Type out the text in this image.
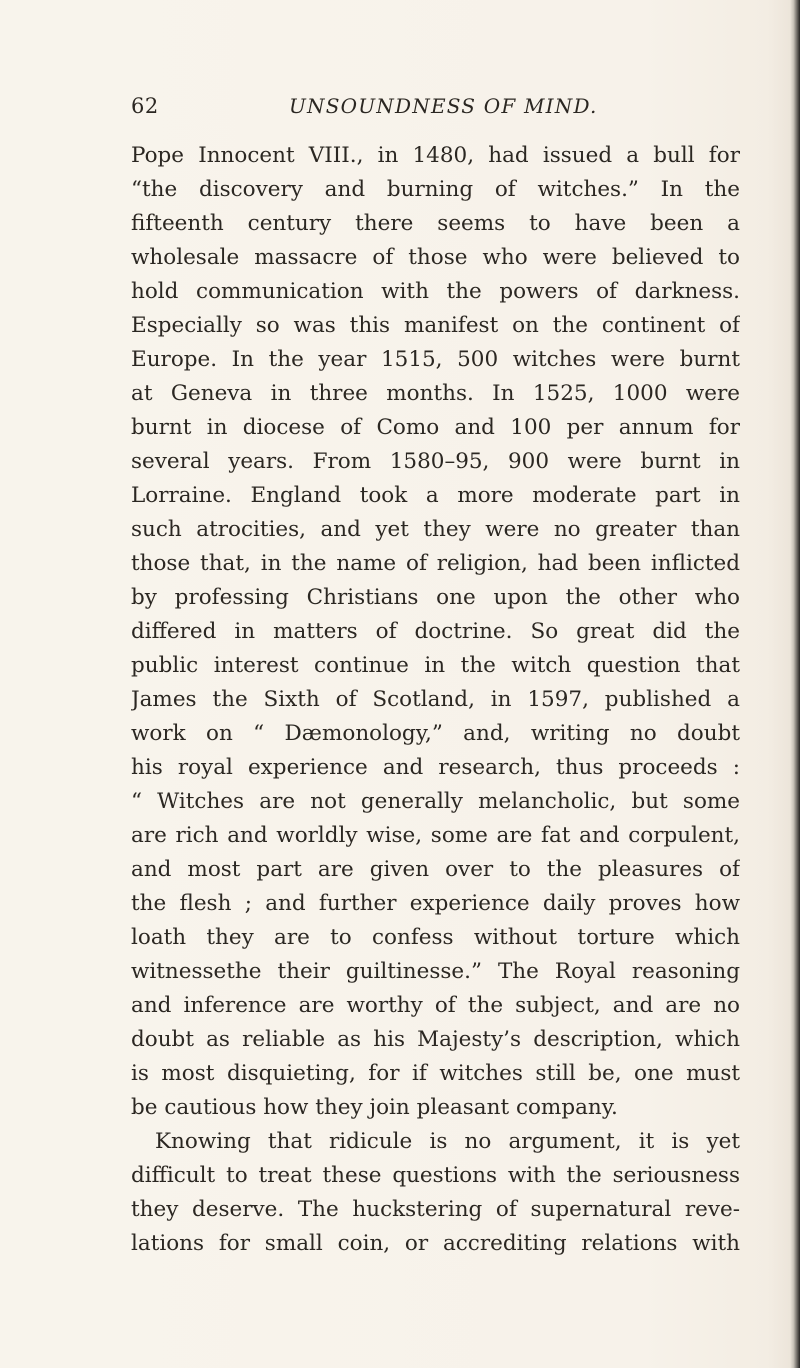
62	UNSOUNDNESS OF MIND.
Pope Innocent VIII., in 1480, had issued a bull for
“the discovery and burning of witches.” In the
fifteenth century there seems to have been a
wholesale massacre of those who were believed to
hold communication with the powers of darkness.
Especially so was this manifest on the continent of
Europe. In the year 1515, 500 witches were burnt
at Geneva in three months. In 1525, 1000 were
burnt in diocese of Como and 100 per annum for
several years. From 1580–95, 900 were burnt in
Lorraine. England took a more moderate part in
such atrocities, and yet they were no greater than
those that, in the name of religion, had been inflicted
by professing Christians one upon the other who
differed in matters of doctrine. So great did the
public interest continue in the witch question that
James the Sixth of Scotland, in 1597, published a
work on “ Dæmonology,” and, writing no doubt
his royal experience and research, thus proceeds :
“ Witches are not generally melancholic, but some
are rich and worldly wise, some are fat and corpulent,
and most part are given over to the pleasures of
the flesh ; and further experience daily proves how
loath they are to confess without torture which
witnessethe their guiltinesse.” The Royal reasoning
and inference are worthy of the subject, and are no
doubt as reliable as his Majesty’s description, which
is most disquieting, for if witches still be, one must
be cautious how they join pleasant company.
Knowing that ridicule is no argument, it is yet
difficult to treat these questions with the seriousness
they deserve. The huckstering of supernatural reve-
lations for small coin, or accrediting relations with
